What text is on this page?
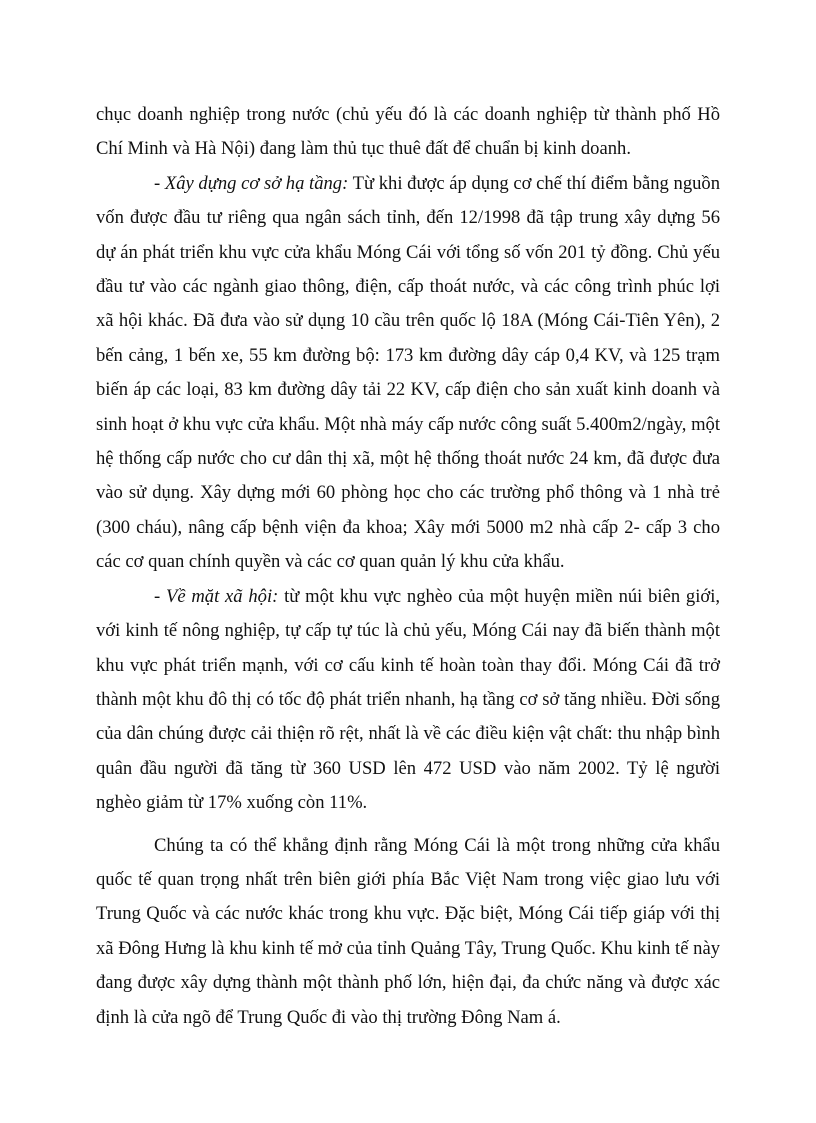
chục doanh nghiệp trong nước (chủ yếu đó là các doanh nghiệp từ thành phố Hồ Chí Minh và Hà Nội) đang làm thủ tục thuê đất để chuẩn bị kinh doanh.

- Xây dựng cơ sở hạ tầng: Từ khi được áp dụng cơ chế thí điểm bằng nguồn vốn được đầu tư riêng qua ngân sách tỉnh, đến 12/1998 đã tập trung xây dựng 56 dự án phát triển khu vực cửa khẩu Móng Cái với tổng số vốn 201 tỷ đồng. Chủ yếu đầu tư vào các ngành giao thông, điện, cấp thoát nước, và các công trình phúc lợi xã hội khác. Đã đưa vào sử dụng 10 cầu trên quốc lộ 18A (Móng Cái-Tiên Yên), 2 bến cảng, 1 bến xe, 55 km đường bộ: 173 km đường dây cáp 0,4 KV, và 125 trạm biến áp các loại, 83 km đường dây tải 22 KV, cấp điện cho sản xuất kinh doanh và sinh hoạt ở khu vực cửa khẩu. Một nhà máy cấp nước công suất 5.400m2/ngày, một hệ thống cấp nước cho cư dân thị xã, một hệ thống thoát nước 24 km, đã được đưa vào sử dụng. Xây dựng mới 60 phòng học cho các trường phổ thông và 1 nhà trẻ (300 cháu), nâng cấp bệnh viện đa khoa; Xây mới 5000 m2 nhà cấp 2- cấp 3 cho các cơ quan chính quyền và các cơ quan quản lý khu cửa khẩu.

- Về mặt xã hội: từ một khu vực nghèo của một huyện miền núi biên giới, với kinh tế nông nghiệp, tự cấp tự túc là chủ yếu, Móng Cái nay đã biến thành một khu vực phát triển mạnh, với cơ cấu kinh tế hoàn toàn thay đổi. Móng Cái đã trở thành một khu đô thị có tốc độ phát triển nhanh, hạ tầng cơ sở tăng nhiều. Đời sống của dân chúng được cải thiện rõ rệt, nhất là về các điều kiện vật chất: thu nhập bình quân đầu người đã tăng từ 360 USD lên 472 USD vào năm 2002. Tỷ lệ người nghèo giảm từ 17% xuống còn 11%.

Chúng ta có thể khẳng định rằng Móng Cái là một trong những cửa khẩu quốc tế quan trọng nhất trên biên giới phía Bắc Việt Nam trong việc giao lưu với Trung Quốc và các nước khác trong khu vực. Đặc biệt, Móng Cái tiếp giáp với thị xã Đông Hưng là khu kinh tế mở của tỉnh Quảng Tây, Trung Quốc. Khu kinh tế này đang được xây dựng thành một thành phố lớn, hiện đại, đa chức năng và được xác định là cửa ngõ để Trung Quốc đi vào thị trường Đông Nam á.
